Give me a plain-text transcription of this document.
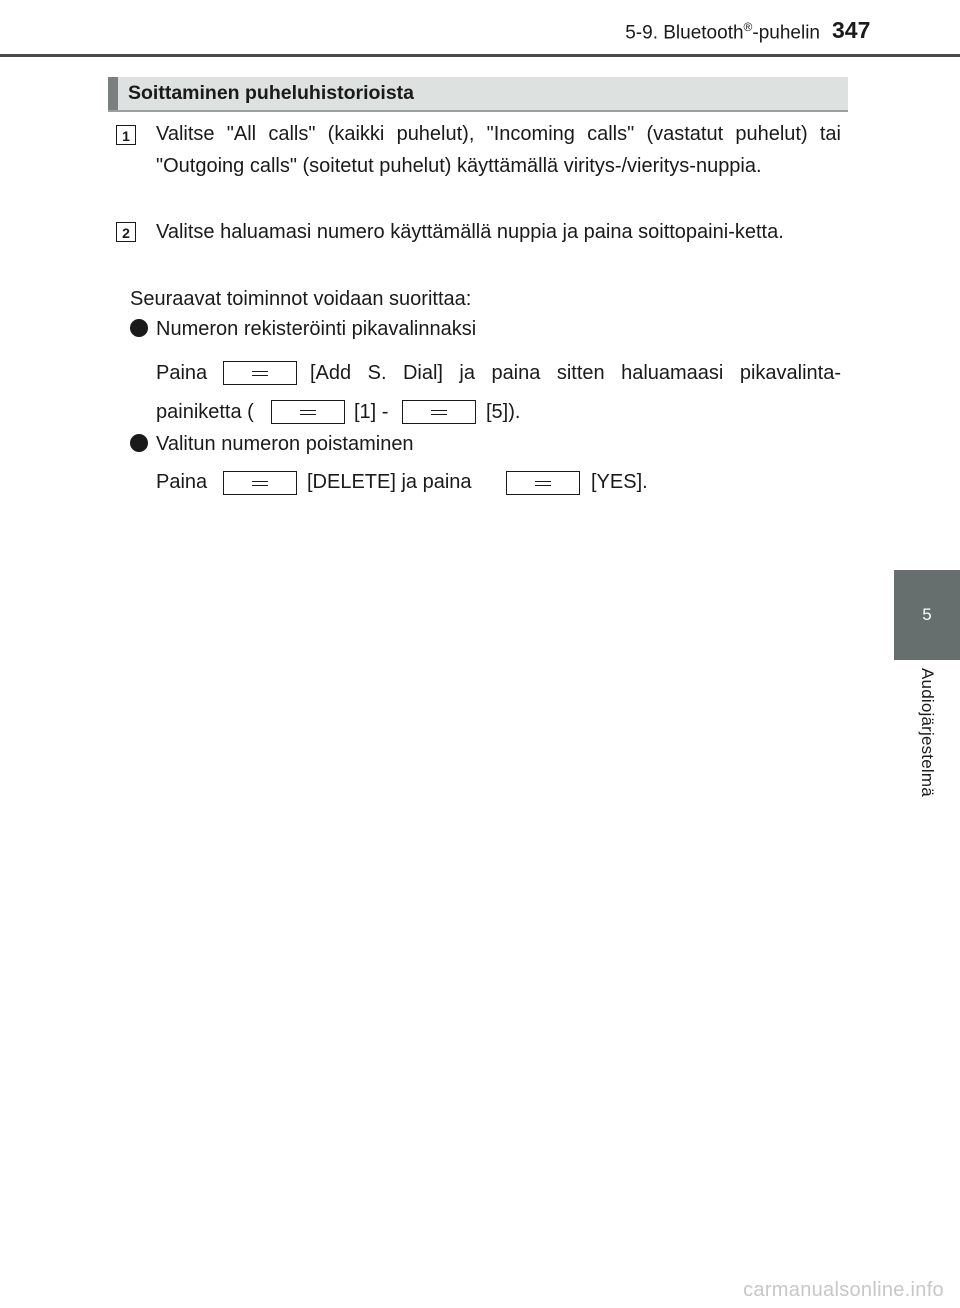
5-9. Bluetooth®-puhelin 347
5
Audiojärjestelmä
Soittaminen puheluhistorioista
1	Valitse "All calls" (kaikki puhelut), "Incoming calls" (vastatut puhelut) tai "Outgoing calls" (soitetut puhelut) käyttämällä viritys-/vieritys-nuppia.
2	Valitse haluamasi numero käyttämällä nuppia ja paina soittopaini-ketta.
Seuraavat toiminnot voidaan suorittaa:
Numeron rekisteröinti pikavalinnaksi
Paina	[Add S. Dial] ja paina sitten haluamaasi pikavalinta-
painiketta (	[1] -	[5]).
Valitun numeron poistaminen
Paina	[DELETE] ja paina	[YES].
carmanualsonline.info
